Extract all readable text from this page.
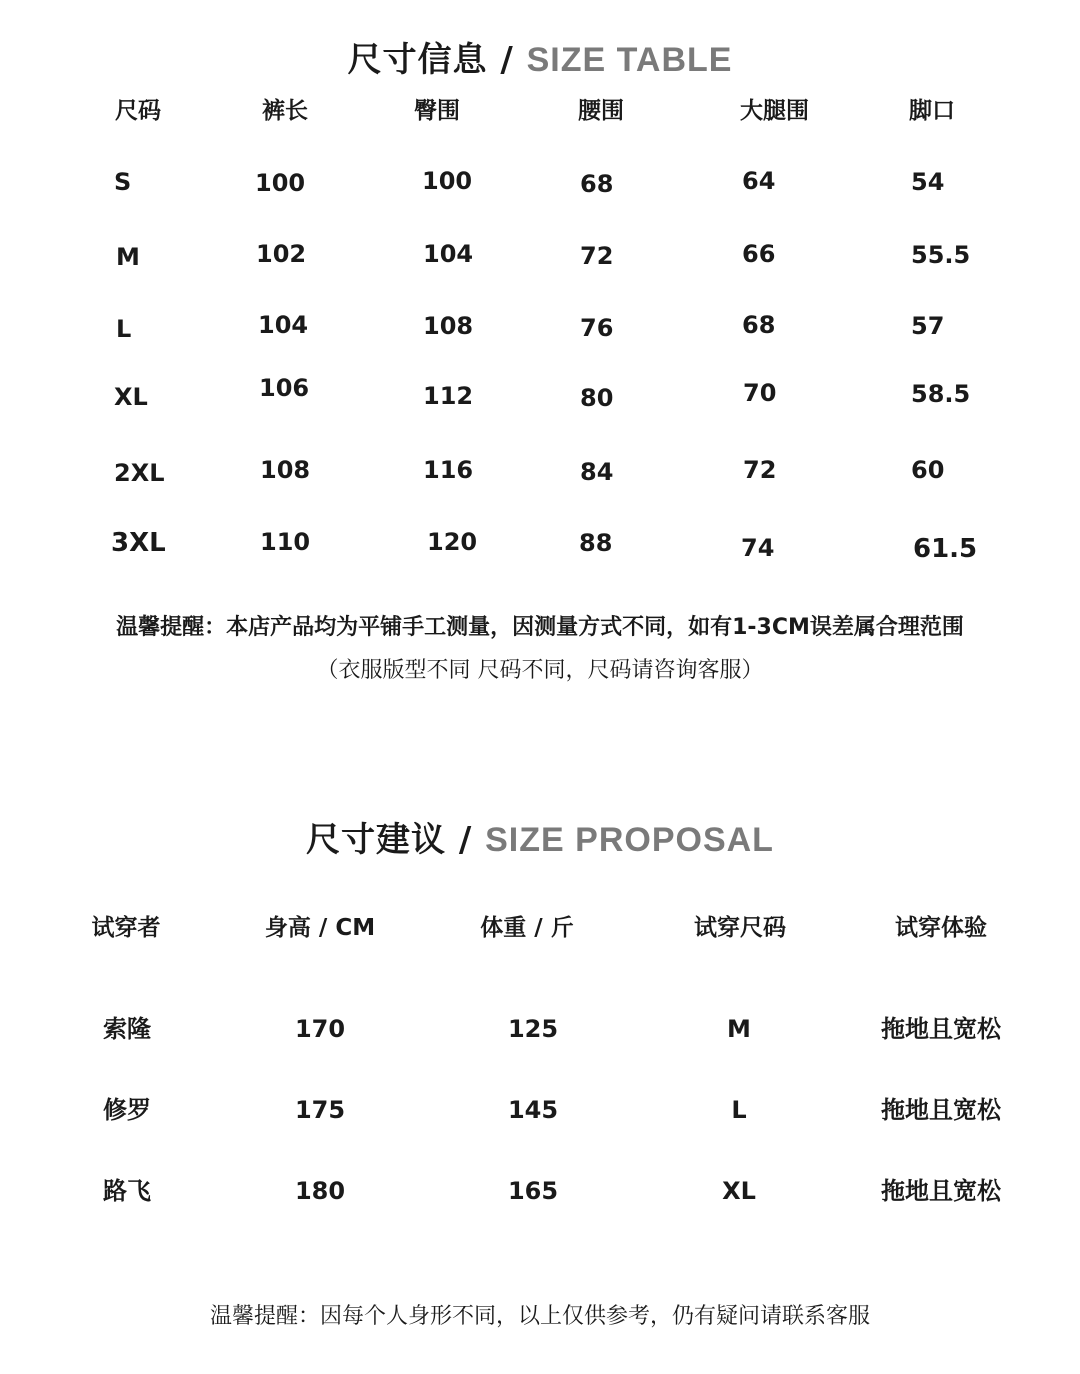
尺寸信息 / SIZE TABLE
尺码	裤长	臀围	腰围	大腿围	脚口
S	100	100	68	64	54
M	102	104	72	66	55.5
L	104	108	76	68	57
XL	106	112	80	70	58.5
2XL	108	116	84	72	60
3XL	110	120	88	74	61.5
温馨提醒：本店产品均为平铺手工测量，因测量方式不同，如有1-3CM误差属合理范围
（衣服版型不同 尺码不同，尺码请咨询客服）
尺寸建议 / SIZE PROPOSAL
试穿者	身高 / CM	体重 / 斤	试穿尺码	试穿体验
索隆	170	125	M	拖地且宽松
修罗	175	145	L	拖地且宽松
路飞	180	165	XL	拖地且宽松
温馨提醒：因每个人身形不同，以上仅供参考，仍有疑问请联系客服
